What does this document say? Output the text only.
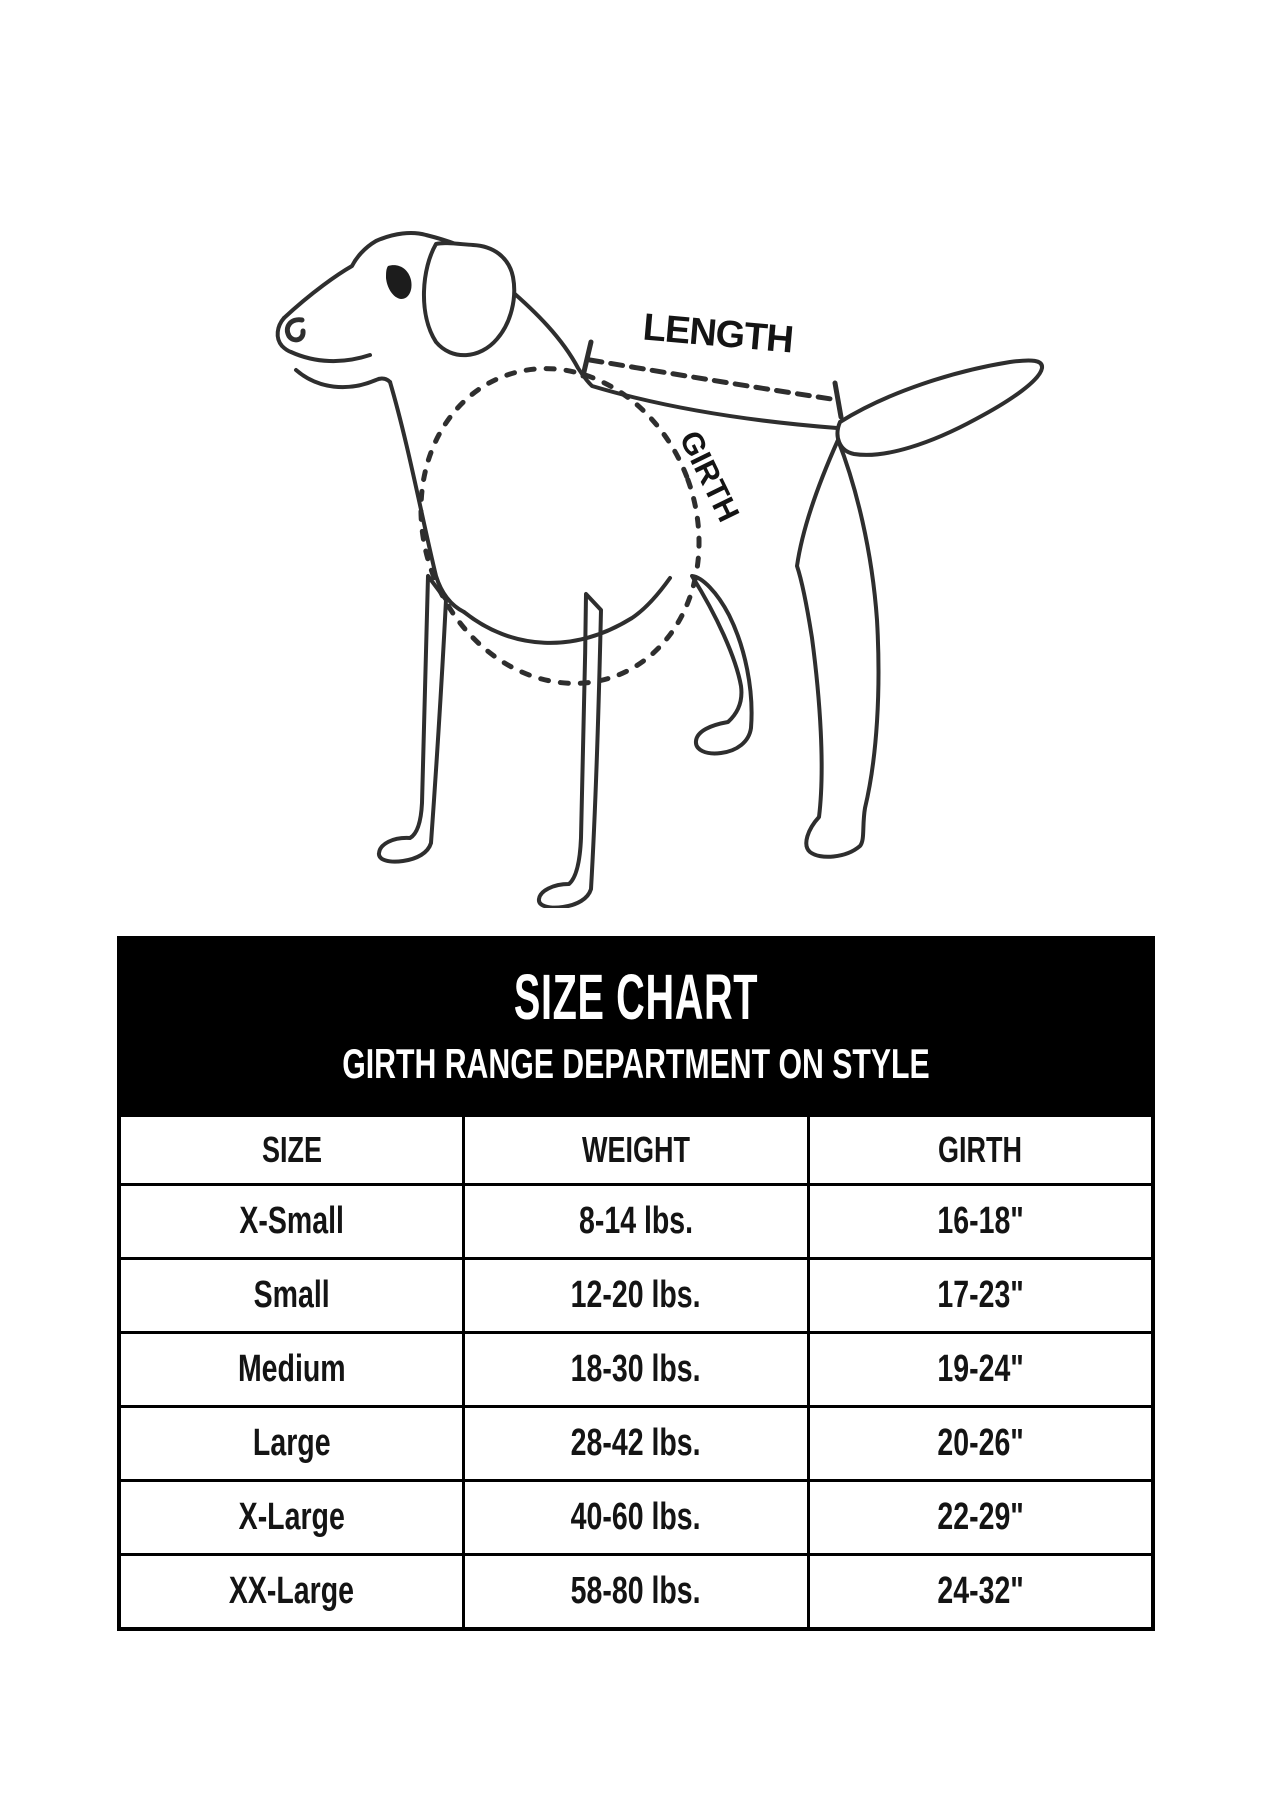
LENGTH
GIRTH
SIZE CHART
GIRTH RANGE DEPARTMENT ON STYLE
SIZE	WEIGHT	GIRTH
X-Small	8-14 lbs.	16-18"
Small	12-20 lbs.	17-23"
Medium	18-30 lbs.	19-24"
Large	28-42 lbs.	20-26"
X-Large	40-60 lbs.	22-29"
XX-Large	58-80 lbs.	24-32"
